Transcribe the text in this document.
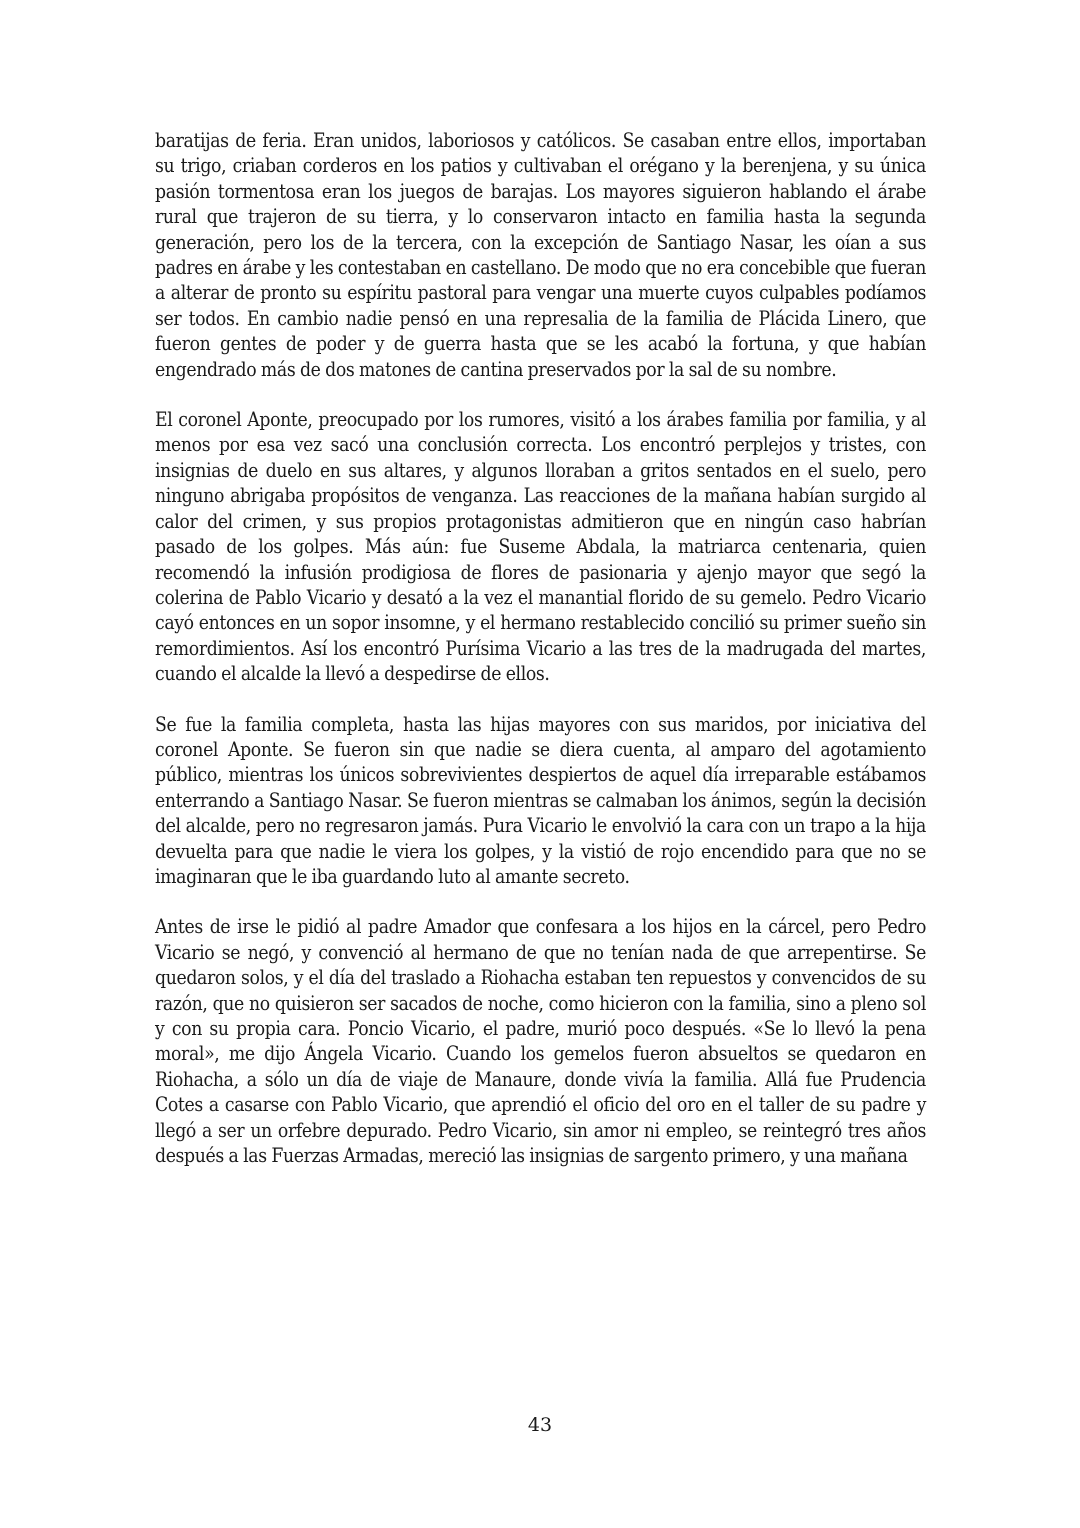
baratijas de feria. Eran unidos, laboriosos y católicos. Se casaban entre ellos, importaban su trigo, criaban corderos en los patios y cultivaban el orégano y la berenjena, y su única pasión tormentosa eran los juegos de barajas. Los mayores siguieron hablando el árabe rural que trajeron de su tierra, y lo conservaron intacto en familia hasta la segunda generación, pero los de la tercera, con la excepción de Santiago Nasar, les oían a sus padres en árabe y les contestaban en castellano. De modo que no era concebible que fueran a alterar de pronto su espíritu pastoral para vengar una muerte cuyos culpables podíamos ser todos. En cambio nadie pensó en una represalia de la familia de Plácida Linero, que fueron gentes de poder y de guerra hasta que se les acabó la fortuna, y que habían engendrado más de dos matones de cantina preservados por la sal de su nombre.

El coronel Aponte, preocupado por los rumores, visitó a los árabes familia por familia, y al menos por esa vez sacó una conclusión correcta. Los encontró perplejos y tristes, con insignias de duelo en sus altares, y algunos lloraban a gritos sentados en el suelo, pero ninguno abrigaba propósitos de venganza. Las reacciones de la mañana habían surgido al calor del crimen, y sus propios protagonistas admitieron que en ningún caso habrían pasado de los golpes. Más aún: fue Suseme Abdala, la matriarca centenaria, quien recomendó la infusión prodigiosa de flores de pasionaria y ajenjo mayor que segó la colerina de Pablo Vicario y desató a la vez el manantial florido de su gemelo. Pedro Vicario cayó entonces en un sopor insomne, y el hermano restablecido concilió su primer sueño sin remordimientos. Así los encontró Purísima Vicario a las tres de la madrugada del martes, cuando el alcalde la llevó a despedirse de ellos.

Se fue la familia completa, hasta las hijas mayores con sus maridos, por iniciativa del coronel Aponte. Se fueron sin que nadie se diera cuenta, al amparo del agotamiento público, mientras los únicos sobrevivientes despiertos de aquel día irreparable estábamos enterrando a Santiago Nasar. Se fueron mientras se calmaban los ánimos, según la decisión del alcalde, pero no regresaron jamás. Pura Vicario le envolvió la cara con un trapo a la hija devuelta para que nadie le viera los golpes, y la vistió de rojo encendido para que no se imaginaran que le iba guardando luto al amante secreto.

Antes de irse le pidió al padre Amador que confesara a los hijos en la cárcel, pero Pedro Vicario se negó, y convenció al hermano de que no tenían nada de que arrepentirse. Se quedaron solos, y el día del traslado a Riohacha estaban ten repuestos y convencidos de su razón, que no quisieron ser sacados de noche, como hicieron con la familia, sino a pleno sol y con su propia cara. Poncio Vicario, el padre, murió poco después. «Se lo llevó la pena moral», me dijo Ángela Vicario. Cuando los gemelos fueron absueltos se quedaron en Riohacha, a sólo un día de viaje de Manaure, donde vivía la familia. Allá fue Prudencia Cotes a casarse con Pablo Vicario, que aprendió el oficio del oro en el taller de su padre y llegó a ser un orfebre depurado. Pedro Vicario, sin amor ni empleo, se reintegró tres años después a las Fuerzas Armadas, mereció las insignias de sargento primero, y una mañana

43
